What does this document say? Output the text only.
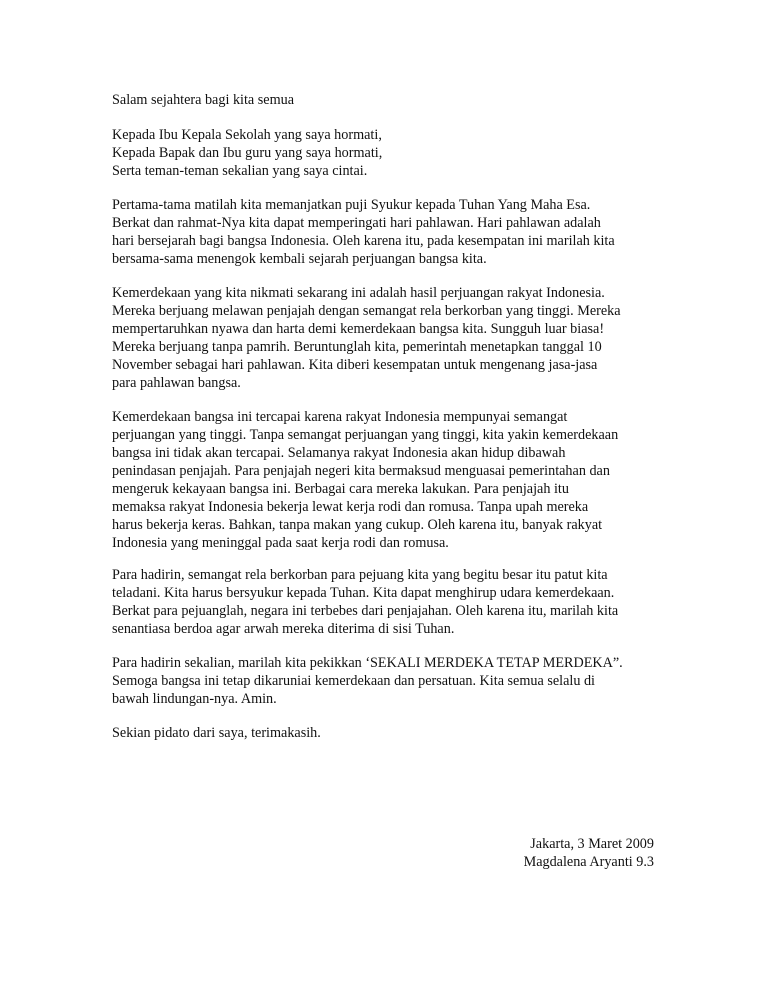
Salam sejahtera bagi kita semua
Kepada Ibu Kepala Sekolah yang saya hormati,
Kepada Bapak dan Ibu guru yang saya hormati,
Serta teman-teman sekalian yang saya cintai.
Pertama-tama matilah kita memanjatkan puji Syukur kepada Tuhan Yang Maha Esa.
Berkat dan rahmat-Nya kita dapat memperingati hari pahlawan. Hari pahlawan adalah
hari bersejarah bagi bangsa Indonesia. Oleh karena itu, pada kesempatan ini marilah kita
bersama-sama menengok kembali sejarah perjuangan bangsa kita.
Kemerdekaan yang kita nikmati sekarang ini adalah hasil perjuangan rakyat Indonesia.
Mereka berjuang melawan penjajah dengan semangat rela berkorban yang tinggi. Mereka
mempertaruhkan nyawa dan harta demi kemerdekaan bangsa kita. Sungguh luar biasa!
Mereka berjuang tanpa pamrih. Beruntunglah kita, pemerintah menetapkan tanggal 10
November sebagai hari pahlawan. Kita diberi kesempatan untuk mengenang jasa-jasa
para pahlawan bangsa.
Kemerdekaan bangsa ini tercapai karena rakyat Indonesia mempunyai semangat
perjuangan yang tinggi. Tanpa semangat perjuangan yang tinggi, kita yakin kemerdekaan
bangsa ini tidak akan tercapai. Selamanya rakyat Indonesia akan hidup dibawah
penindasan penjajah. Para penjajah negeri kita bermaksud menguasai pemerintahan dan
mengeruk kekayaan bangsa ini. Berbagai cara mereka lakukan. Para penjajah itu
memaksa rakyat Indonesia bekerja lewat kerja rodi dan romusa. Tanpa upah mereka
harus bekerja keras. Bahkan, tanpa makan yang cukup. Oleh karena itu, banyak rakyat
Indonesia yang meninggal pada saat kerja rodi dan romusa.
Para hadirin, semangat rela berkorban para pejuang kita yang begitu besar itu patut kita
teladani. Kita harus bersyukur kepada Tuhan. Kita dapat menghirup udara kemerdekaan.
Berkat para pejuanglah, negara ini terbebes dari penjajahan. Oleh karena itu, marilah kita
senantiasa berdoa agar arwah mereka diterima di sisi Tuhan.
Para hadirin sekalian, marilah kita pekikkan ‘SEKALI MERDEKA TETAP MERDEKA”.
Semoga bangsa ini tetap dikaruniai kemerdekaan dan persatuan. Kita semua selalu di
bawah lindungan-nya. Amin.
Sekian pidato dari saya, terimakasih.
Jakarta, 3 Maret 2009
Magdalena Aryanti 9.3
